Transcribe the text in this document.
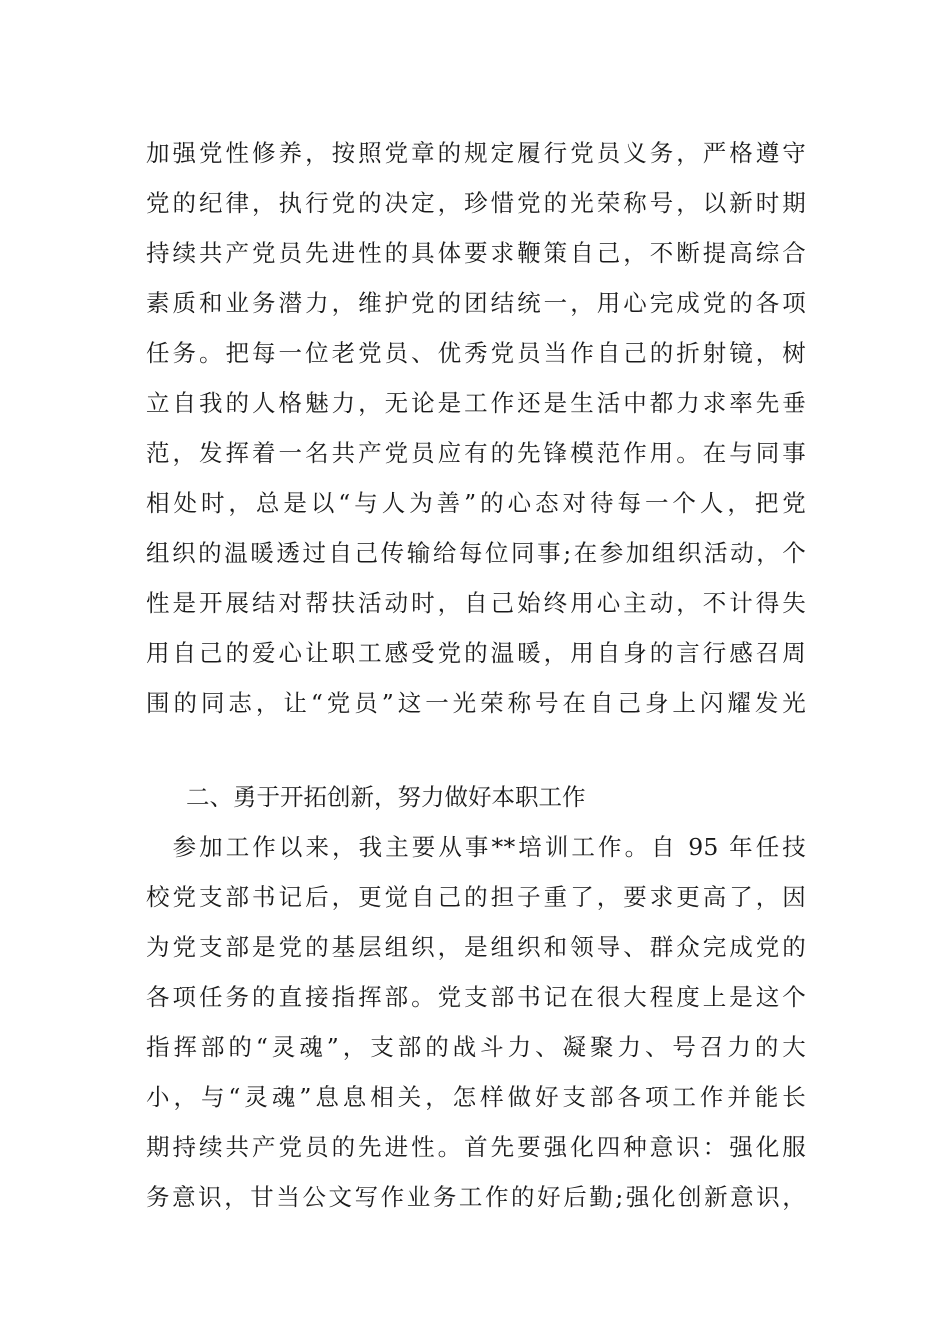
加强党性修养，按照党章的规定履行党员义务，严格遵守
党的纪律，执行党的决定，珍惜党的光荣称号，以新时期
持续共产党员先进性的具体要求鞭策自己，不断提高综合
素质和业务潜力，维护党的团结统一，用心完成党的各项
任务。把每一位老党员、优秀党员当作自己的折射镜，树
立自我的人格魅力，无论是工作还是生活中都力求率先垂
范，发挥着一名共产党员应有的先锋模范作用。在与同事
相处时，总是以“与人为善”的心态对待每一个人，把党
组织的温暖透过自己传输给每位同事;在参加组织活动，个
性是开展结对帮扶活动时，自己始终用心主动，不计得失
用自己的爱心让职工感受党的温暖，用自身的言行感召周
围的同志，让“党员”这一光荣称号在自己身上闪耀发光
二、勇于开拓创新，努力做好本职工作
　参加工作以来，我主要从事**培训工作。自 95 年任技
校党支部书记后，更觉自己的担子重了，要求更高了，因
为党支部是党的基层组织，是组织和领导、群众完成党的
各项任务的直接指挥部。党支部书记在很大程度上是这个
指挥部的“灵魂”，支部的战斗力、凝聚力、号召力的大
小，与“灵魂”息息相关，怎样做好支部各项工作并能长
期持续共产党员的先进性。首先要强化四种意识：强化服
务意识，甘当公文写作业务工作的好后勤;强化创新意识，
